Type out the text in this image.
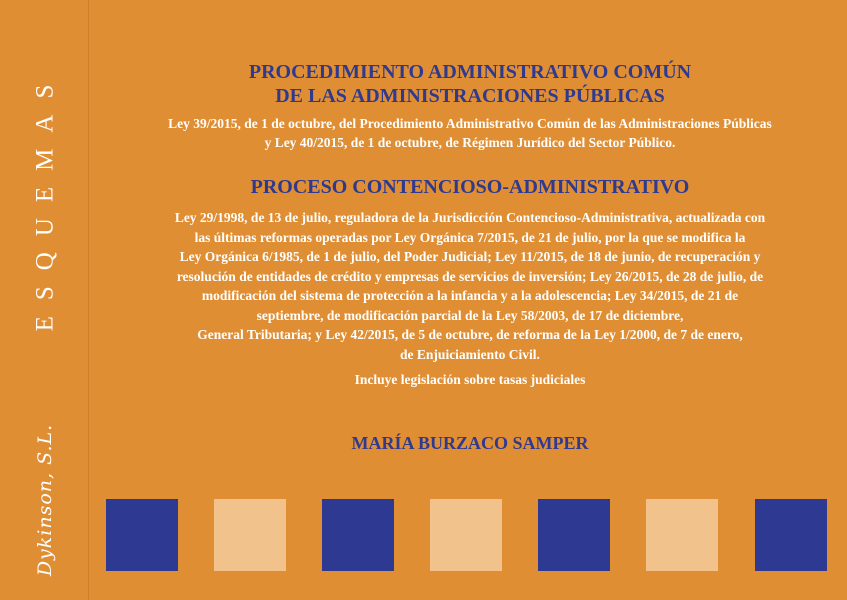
ESQUEMAS
Dykinson, S.L.

PROCEDIMIENTO ADMINISTRATIVO COMÚN

DE LAS ADMINISTRACIONES PÚBLICAS

Ley 39/2015, de 1 de octubre, del Procedimiento Administrativo Común de las Administraciones Públicas
y Ley 40/2015, de 1 de octubre, de Régimen Jurídico del Sector Público.

PROCESO CONTENCIOSO-ADMINISTRATIVO

Ley 29/1998, de 13 de julio, reguladora de la Jurisdicción Contencioso-Administrativa, actualizada con
las últimas reformas operadas por Ley Orgánica 7/2015, de 21 de julio, por la que se modifica la
Ley Orgánica 6/1985, de 1 de julio, del Poder Judicial; Ley 11/2015, de 18 de junio, de recuperación y
resolución de entidades de crédito y empresas de servicios de inversión; Ley 26/2015, de 28 de julio, de
modificación del sistema de protección a la infancia y a la adolescencia; Ley 34/2015, de 21 de
septiembre, de modificación parcial de la Ley 58/2003, de 17 de diciembre,
General Tributaria; y Ley 42/2015, de 5 de octubre, de reforma de la Ley 1/2000, de 7 de enero,
de Enjuiciamiento Civil.
Incluye legislación sobre tasas judiciales
MARÍA BURZACO SAMPER
